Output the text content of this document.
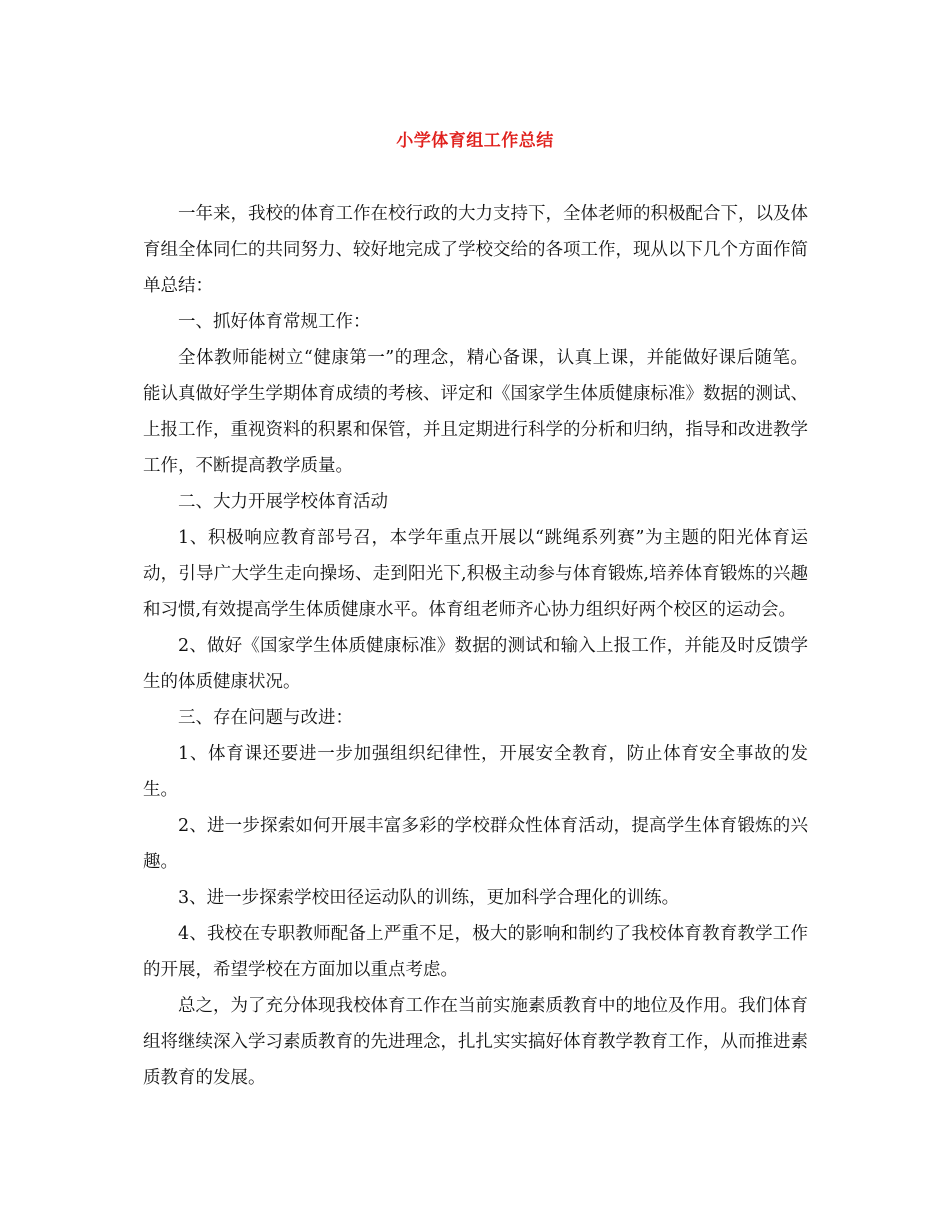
小学体育组工作总结

一年来，我校的体育工作在校行政的大力支持下，全体老师的积极配合下，以及体育组全体同仁的共同努力、较好地完成了学校交给的各项工作，现从以下几个方面作简单总结：

一、抓好体育常规工作：

全体教师能树立“健康第一”的理念，精心备课，认真上课，并能做好课后随笔。能认真做好学生学期体育成绩的考核、评定和《国家学生体质健康标准》数据的测试、上报工作，重视资料的积累和保管，并且定期进行科学的分析和归纳，指导和改进教学工作，不断提高教学质量。

二、大力开展学校体育活动

1、积极响应教育部号召，本学年重点开展以“跳绳系列赛”为主题的阳光体育运动，引导广大学生走向操场、走到阳光下,积极主动参与体育锻炼,培养体育锻炼的兴趣和习惯,有效提高学生体质健康水平。体育组老师齐心协力组织好两个校区的运动会。

2、做好《国家学生体质健康标准》数据的测试和输入上报工作，并能及时反馈学生的体质健康状况。

三、存在问题与改进：

1、体育课还要进一步加强组织纪律性，开展安全教育，防止体育安全事故的发生。

2、进一步探索如何开展丰富多彩的学校群众性体育活动，提高学生体育锻炼的兴趣。

3、进一步探索学校田径运动队的训练，更加科学合理化的训练。

4、我校在专职教师配备上严重不足，极大的影响和制约了我校体育教育教学工作的开展，希望学校在方面加以重点考虑。

总之，为了充分体现我校体育工作在当前实施素质教育中的地位及作用。我们体育组将继续深入学习素质教育的先进理念，扎扎实实搞好体育教学教育工作，从而推进素质教育的发展。
